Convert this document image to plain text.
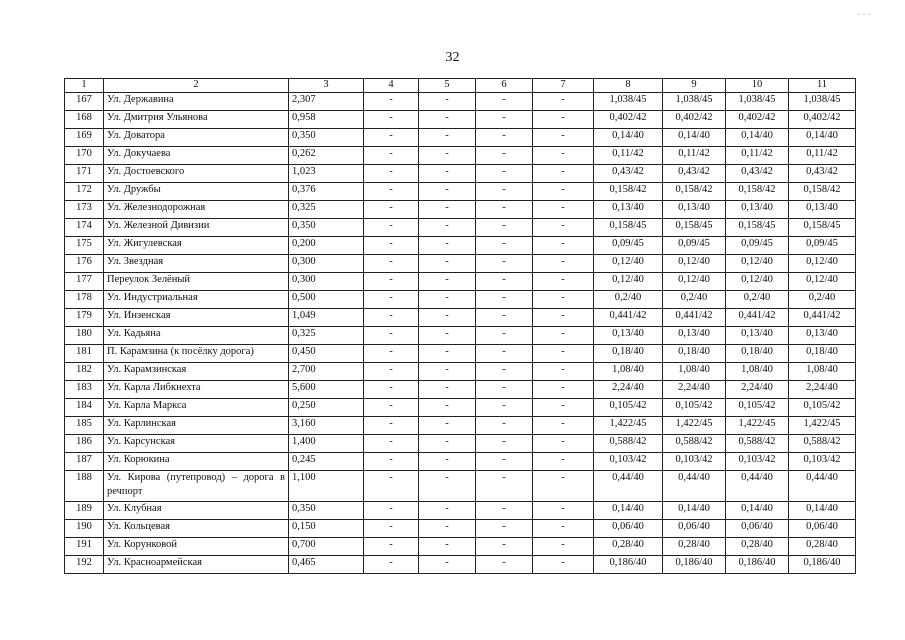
32
. .. .
1	2	3	4	5	6	7	8	9	10	11
167	Ул. Державина	2,307	-	-	-	-	1,038/45	1,038/45	1,038/45	1,038/45
168	Ул. Дмитрия Ульянова	0,958	-	-	-	-	0,402/42	0,402/42	0,402/42	0,402/42
169	Ул. Доватора	0,350	-	-	-	-	0,14/40	0,14/40	0,14/40	0,14/40
170	Ул. Докучаева	0,262	-	-	-	-	0,11/42	0,11/42	0,11/42	0,11/42
171	Ул. Достоевского	1,023	-	-	-	-	0,43/42	0,43/42	0,43/42	0,43/42
172	Ул. Дружбы	0,376	-	-	-	-	0,158/42	0,158/42	0,158/42	0,158/42
173	Ул. Железнодорожная	0,325	-	-	-	-	0,13/40	0,13/40	0,13/40	0,13/40
174	Ул. Железной Дивизии	0,350	-	-	-	-	0,158/45	0,158/45	0,158/45	0,158/45
175	Ул. Жигулевская	0,200	-	-	-	-	0,09/45	0,09/45	0,09/45	0,09/45
176	Ул. Звездная	0,300	-	-	-	-	0,12/40	0,12/40	0,12/40	0,12/40
177	Переулок Зелёный	0,300	-	-	-	-	0,12/40	0,12/40	0,12/40	0,12/40
178	Ул. Индустриальная	0,500	-	-	-	-	0,2/40	0,2/40	0,2/40	0,2/40
179	Ул. Инзенская	1,049	-	-	-	-	0,441/42	0,441/42	0,441/42	0,441/42
180	Ул. Кадьяна	0,325	-	-	-	-	0,13/40	0,13/40	0,13/40	0,13/40
181	П. Карамзина (к посёлку дорога)	0,450	-	-	-	-	0,18/40	0,18/40	0,18/40	0,18/40
182	Ул. Карамзинская	2,700	-	-	-	-	1,08/40	1,08/40	1,08/40	1,08/40
183	Ул. Карла Либкнехта	5,600	-	-	-	-	2,24/40	2,24/40	2,24/40	2,24/40
184	Ул. Карла Маркса	0,250	-	-	-	-	0,105/42	0,105/42	0,105/42	0,105/42
185	Ул. Карлинская	3,160	-	-	-	-	1,422/45	1,422/45	1,422/45	1,422/45
186	Ул. Карсунская	1,400	-	-	-	-	0,588/42	0,588/42	0,588/42	0,588/42
187	Ул. Корюкина	0,245	-	-	-	-	0,103/42	0,103/42	0,103/42	0,103/42
188	Ул. Кирова (путепровод) – дорога в речпорт	1,100	-	-	-	-	0,44/40	0,44/40	0,44/40	0,44/40
189	Ул. Клубная	0,350	-	-	-	-	0,14/40	0,14/40	0,14/40	0,14/40
190	Ул. Кольцевая	0,150	-	-	-	-	0,06/40	0,06/40	0,06/40	0,06/40
191	Ул. Корунковой	0,700	-	-	-	-	0,28/40	0,28/40	0,28/40	0,28/40
192	Ул. Красноармейская	0,465	-	-	-	-	0,186/40	0,186/40	0,186/40	0,186/40
